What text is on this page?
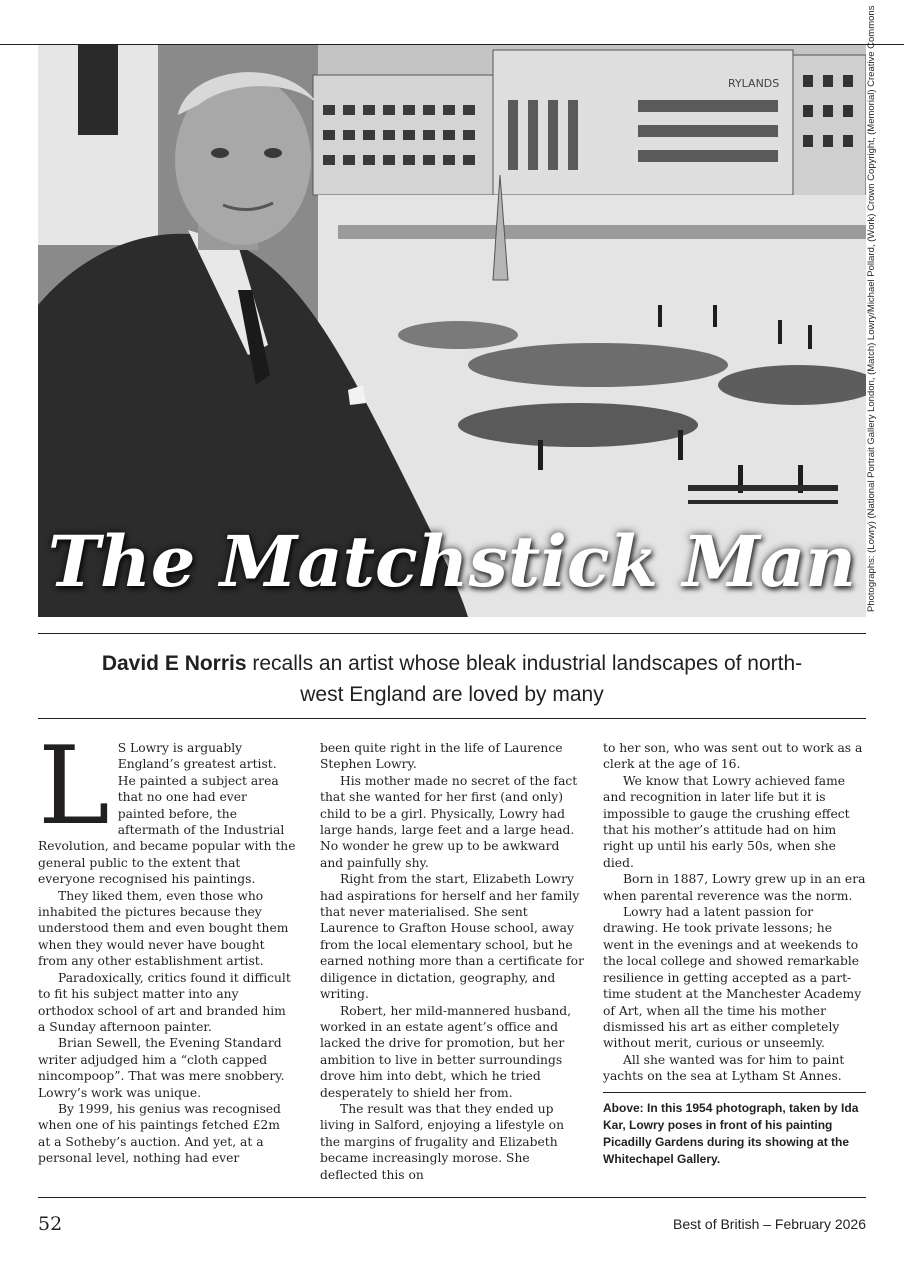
RYLANDS
The Matchstick Man	Photographs: (Lowry) (National Portrait Gallery London, (Match) Lowry/Michael Pollard, (Work) Crown Copyright, (Memorial) Creative Commons
David E Norris recalls an artist whose bleak industrial landscapes of north-west England are loved by many
L S Lowry is arguably England’s greatest artist. He painted a subject area that no one had ever painted before, the aftermath of the Industrial Revolution, and became popular with the general public to the extent that everyone recognised his paintings.

They liked them, even those who inhabited the pictures because they understood them and even bought them when they would never have bought from any other establishment artist.

Paradoxically, critics found it difficult to fit his subject matter into any orthodox school of art and branded him a Sunday afternoon painter.

Brian Sewell, the Evening Standard writer adjudged him a “cloth capped nincompoop”. That was mere snobbery. Lowry’s work was unique.

By 1999, his genius was recognised when one of his paintings fetched £2m at a Sotheby’s auction. And yet, at a personal level, nothing had ever

been quite right in the life of Laurence Stephen Lowry.

His mother made no secret of the fact that she wanted for her first (and only) child to be a girl. Physically, Lowry had large hands, large feet and a large head. No wonder he grew up to be awkward and painfully shy.

Right from the start, Elizabeth Lowry had aspirations for herself and her family that never materialised. She sent Laurence to Grafton House school, away from the local elementary school, but he earned nothing more than a certificate for diligence in dictation, geography, and writing.

Robert, her mild-mannered husband, worked in an estate agent’s office and lacked the drive for promotion, but her ambition to live in better surroundings drove him into debt, which he tried desperately to shield her from.

The result was that they ended up living in Salford, enjoying a lifestyle on the margins of frugality and Elizabeth became increasingly morose. She deflected this on

to her son, who was sent out to work as a clerk at the age of 16.

We know that Lowry achieved fame and recognition in later life but it is impossible to gauge the crushing effect that his mother’s attitude had on him right up until his early 50s, when she died.

Born in 1887, Lowry grew up in an era when parental reverence was the norm.

Lowry had a latent passion for drawing. He took private lessons; he went in the evenings and at weekends to the local college and showed remarkable resilience in getting accepted as a part-time student at the Manchester Academy of Art, when all the time his mother dismissed his art as either completely without merit, curious or unseemly.

All she wanted was for him to paint yachts on the sea at Lytham St Annes.

Above: In this 1954 photograph, taken by Ida Kar, Lowry poses in front of his painting Picadilly Gardens during its showing at the Whitechapel Gallery.
52	Best of British – February 2026
